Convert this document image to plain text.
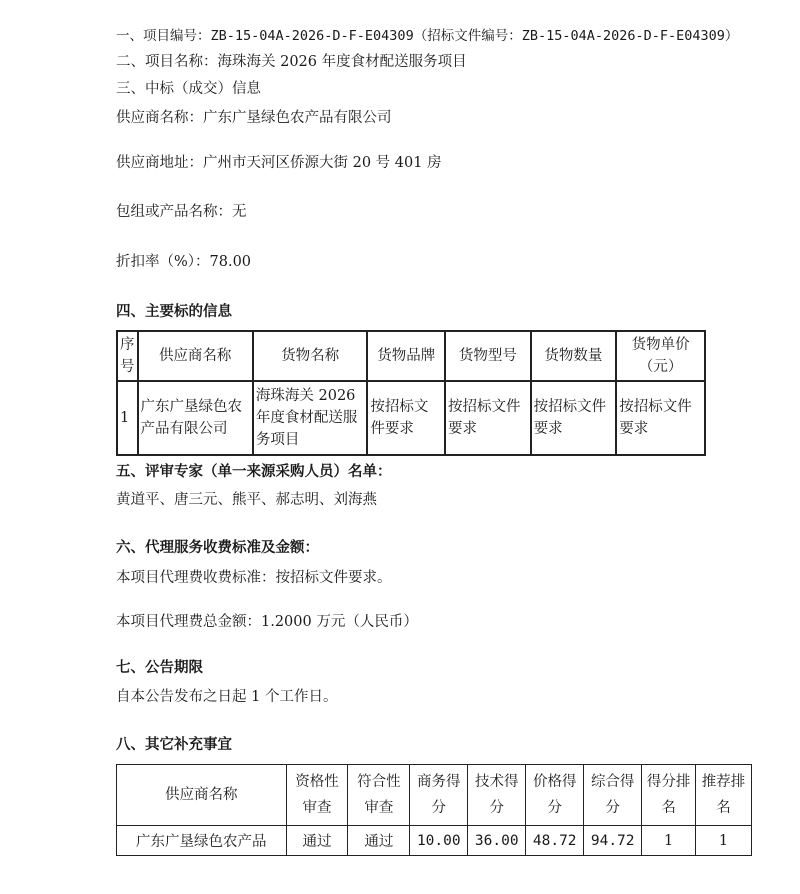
一、项目编号：ZB-15-04A-2026-D-F-E04309（招标文件编号：ZB-15-04A-2026-D-F-E04309）
二、项目名称：海珠海关 2026 年度食材配送服务项目
三、中标（成交）信息
供应商名称：广东广垦绿色农产品有限公司
供应商地址：广州市天河区侨源大街 20 号 401 房
包组或产品名称：无
折扣率（%）：78.00
四、主要标的信息
序号	供应商名称	货物名称	货物品牌	货物型号	货物数量	货物单价（元）
1	广东广垦绿色农产品有限公司	海珠海关 2026 年度食材配送服务项目	按招标文件要求	按招标文件要求	按招标文件要求	按招标文件要求
五、评审专家（单一来源采购人员）名单：
黄道平、唐三元、熊平、郝志明、刘海燕
六、代理服务收费标准及金额：
本项目代理费收费标准：按招标文件要求。
本项目代理费总金额：1.2000 万元（人民币）
七、公告期限
自本公告发布之日起 1 个工作日。
八、其它补充事宜
供应商名称	资格性审查	符合性审查	商务得分	技术得分	价格得分	综合得分	得分排名	推荐排名
广东广垦绿色农产品	通过	通过	10.00	36.00	48.72	94.72	1	1
